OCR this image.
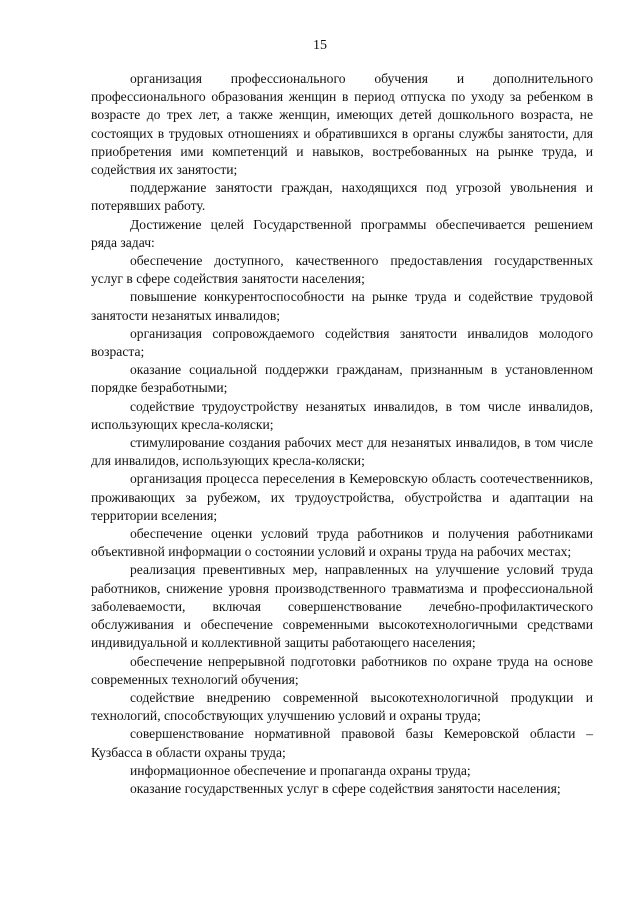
15

организация профессионального обучения и дополнительного профессионального образования женщин в период отпуска по уходу за ребенком в возрасте до трех лет, а также женщин, имеющих детей дошкольного возраста, не состоящих в трудовых отношениях и обратившихся в органы службы занятости, для приобретения ими компетенций и навыков, востребованных на рынке труда, и содействия их занятости;

поддержание занятости граждан, находящихся под угрозой увольнения и потерявших работу.

Достижение целей Государственной программы обеспечивается решением ряда задач:

обеспечение доступного, качественного предоставления государственных услуг в сфере содействия занятости населения;

повышение конкурентоспособности на рынке труда и содействие трудовой занятости незанятых инвалидов;

организация сопровождаемого содействия занятости инвалидов молодого возраста;

оказание социальной поддержки гражданам, признанным в установленном порядке безработными;

содействие трудоустройству незанятых инвалидов, в том числе инвалидов, использующих кресла-коляски;

стимулирование создания рабочих мест для незанятых инвалидов, в том числе для инвалидов, использующих кресла-коляски;

организация процесса переселения в Кемеровскую область соотечественников, проживающих за рубежом, их трудоустройства, обустройства и адаптации на территории вселения;

обеспечение оценки условий труда работников и получения работниками объективной информации о состоянии условий и охраны труда на рабочих местах;

реализация превентивных мер, направленных на улучшение условий труда работников, снижение уровня производственного травматизма и профессиональной заболеваемости, включая совершенствование лечебно-профилактического обслуживания и обеспечение современными высокотехнологичными средствами индивидуальной и коллективной защиты работающего населения;

обеспечение непрерывной подготовки работников по охране труда на основе современных технологий обучения;

содействие внедрению современной высокотехнологичной продукции и технологий, способствующих улучшению условий и охраны труда;

совершенствование нормативной правовой базы Кемеровской области – Кузбасса в области охраны труда;

информационное обеспечение и пропаганда охраны труда;

оказание государственных услуг в сфере содействия занятости населения;
